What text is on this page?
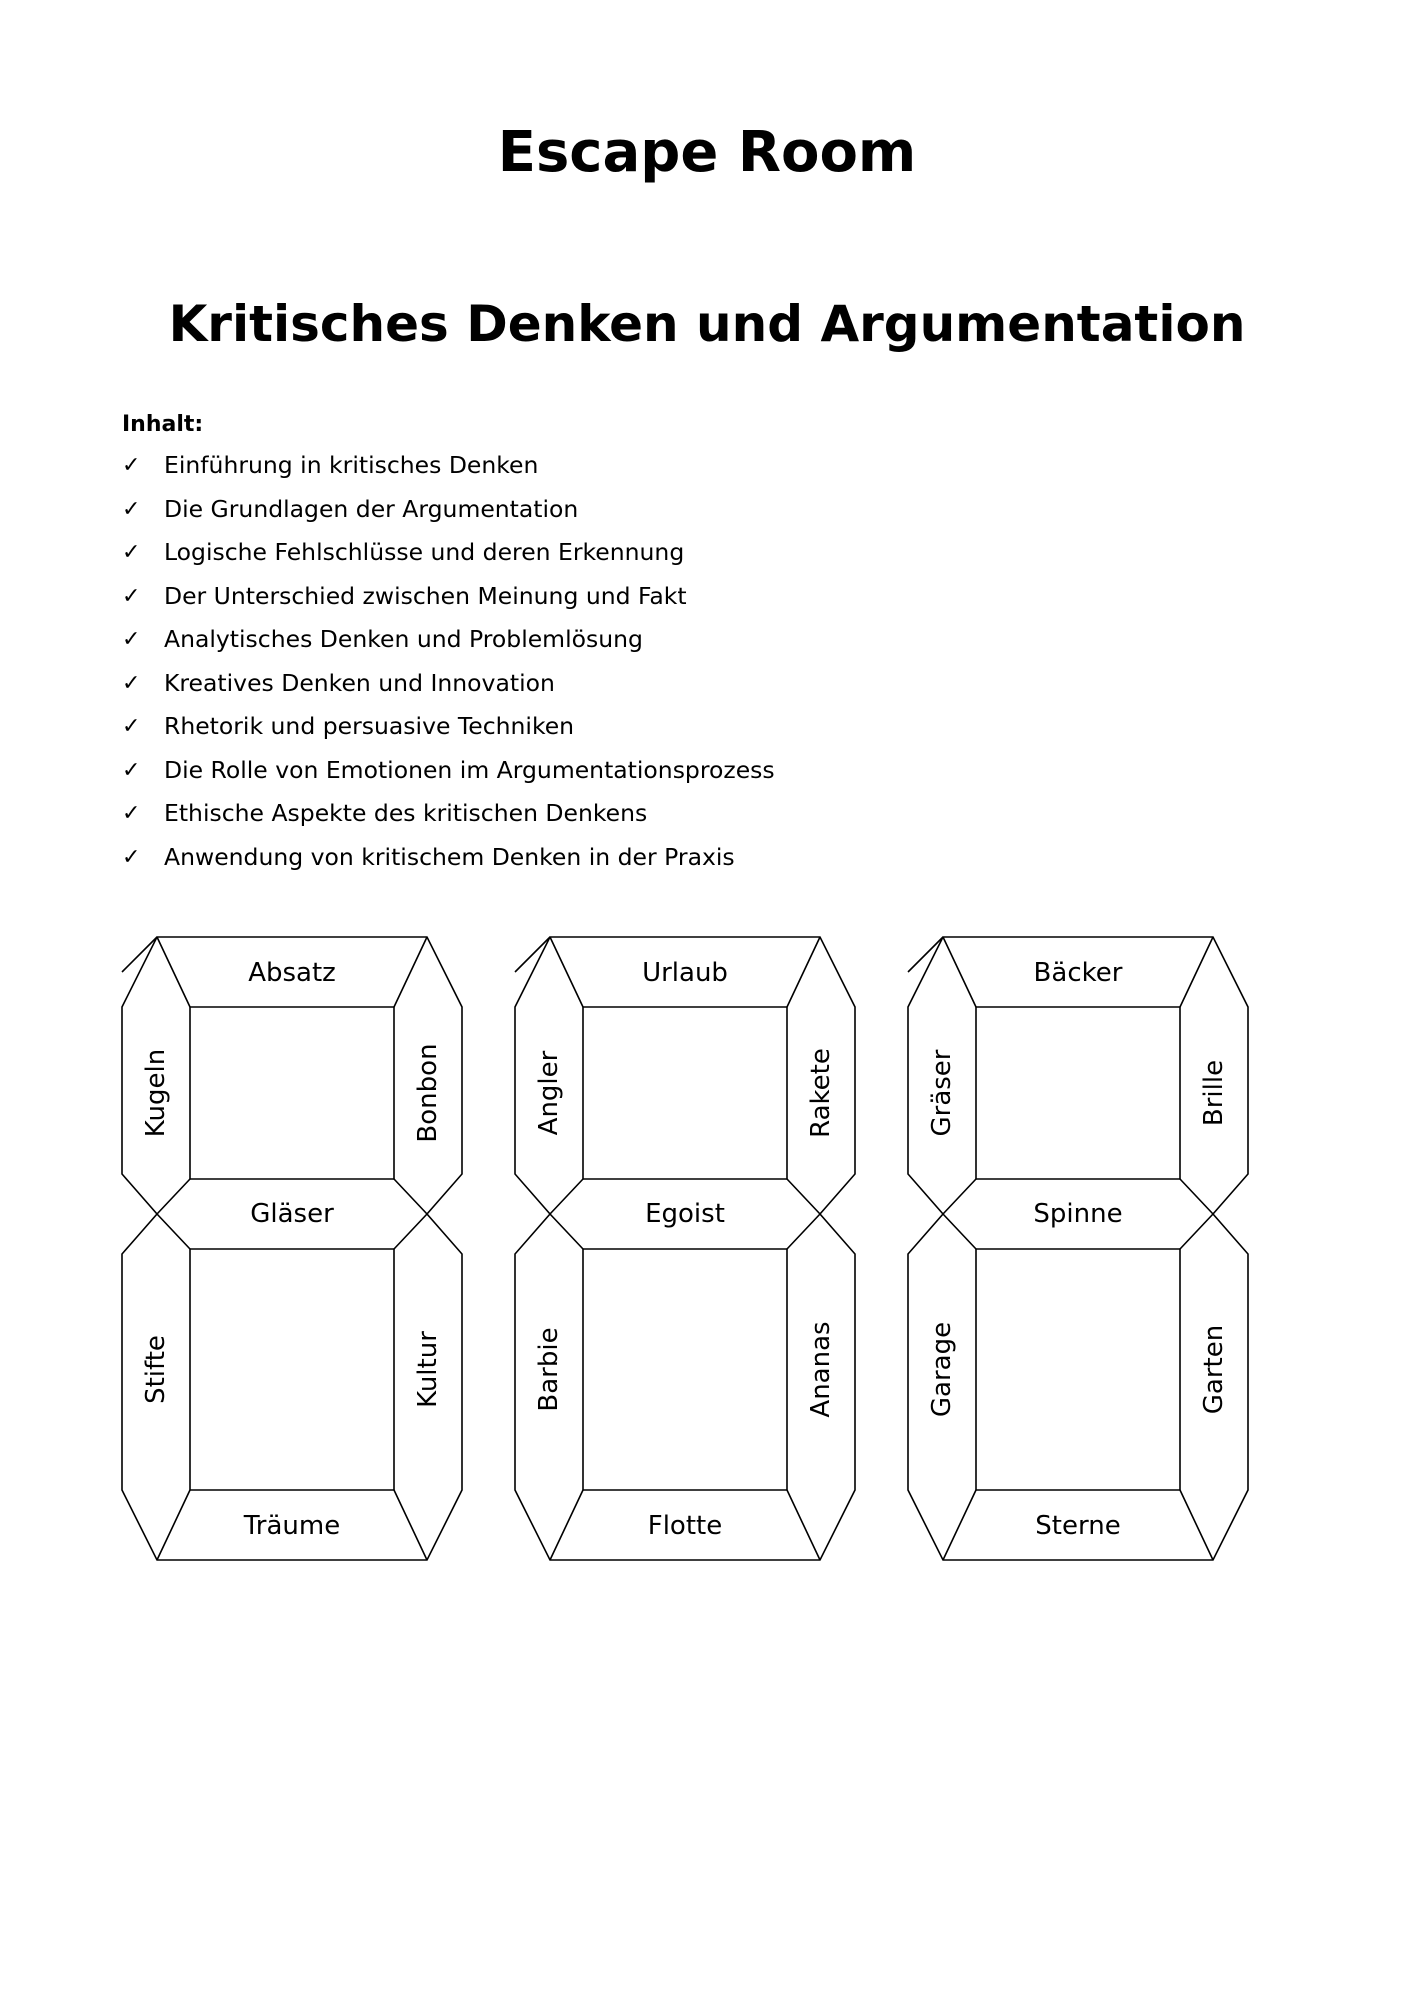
Escape Room
Kritisches Denken und Argumentation
Inhalt:
✓	Einführung in kritisches Denken
✓	Die Grundlagen der Argumentation
✓	Logische Fehlschlüsse und deren Erkennung
✓	Der Unterschied zwischen Meinung und Fakt
✓	Analytisches Denken und Problemlösung
✓	Kreatives Denken und Innovation
✓	Rhetorik und persuasive Techniken
✓	Die Rolle von Emotionen im Argumentationsprozess
✓	Ethische Aspekte des kritischen Denkens
✓	Anwendung von kritischem Denken in der Praxis
Absatz
Gläser
Träume
Kugeln	Bonbon
Stifte	Kultur
Urlaub
Egoist
Flotte
Angler	Rakete
Barbie	Ananas
Bäcker
Spinne
Sterne
Gräser	Brille
Garage	Garten
